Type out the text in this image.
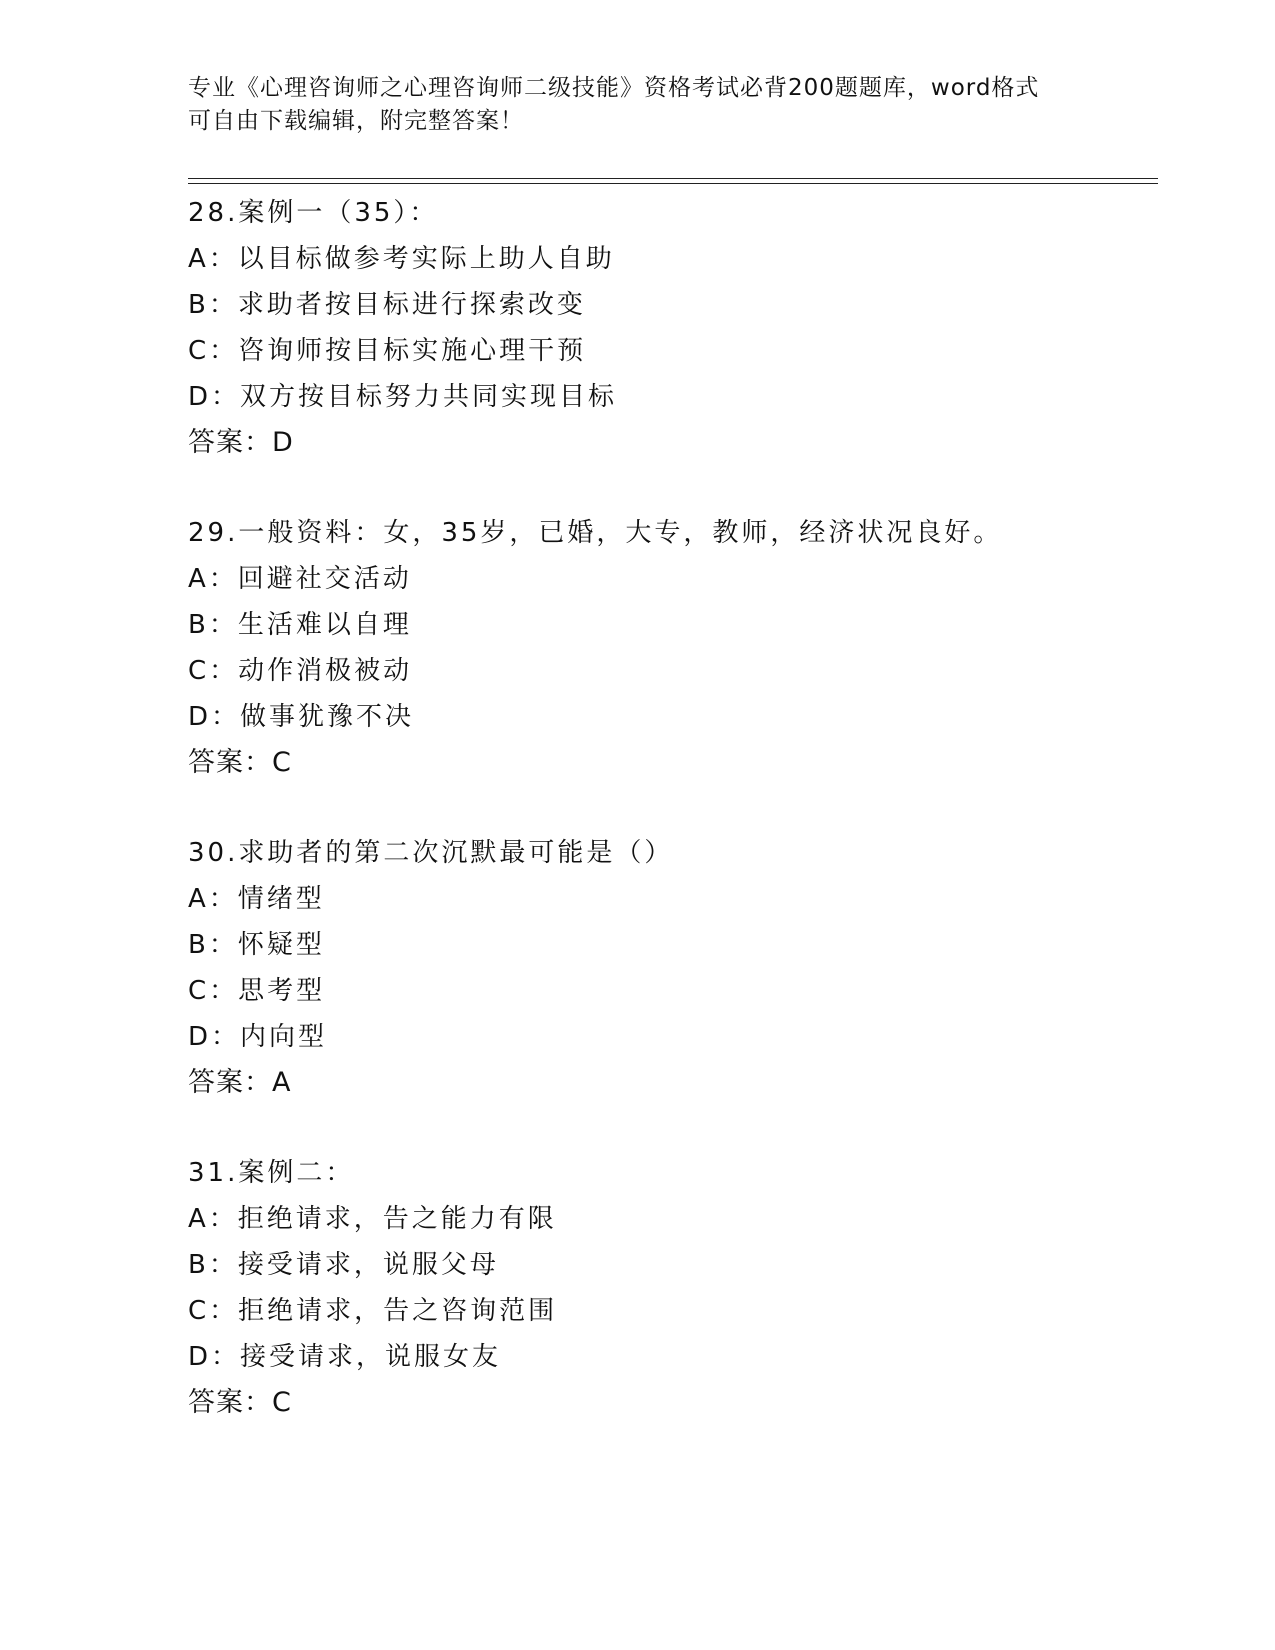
专业《心理咨询师之心理咨询师二级技能》资格考试必背200题题库，word格式
可自由下载编辑，附完整答案！
28.案例一（35）：
A：以目标做参考实际上助人自助
B：求助者按目标进行探索改变
C：咨询师按目标实施心理干预
D：双方按目标努力共同实现目标
答案：D
29.一般资料：女，35岁，已婚，大专，教师，经济状况良好。
A：回避社交活动
B：生活难以自理
C：动作消极被动
D：做事犹豫不决
答案：C
30.求助者的第二次沉默最可能是（）
A：情绪型
B：怀疑型
C：思考型
D：内向型
答案：A
31.案例二：
A：拒绝请求，告之能力有限
B：接受请求，说服父母
C：拒绝请求，告之咨询范围
D：接受请求，说服女友
答案：C
